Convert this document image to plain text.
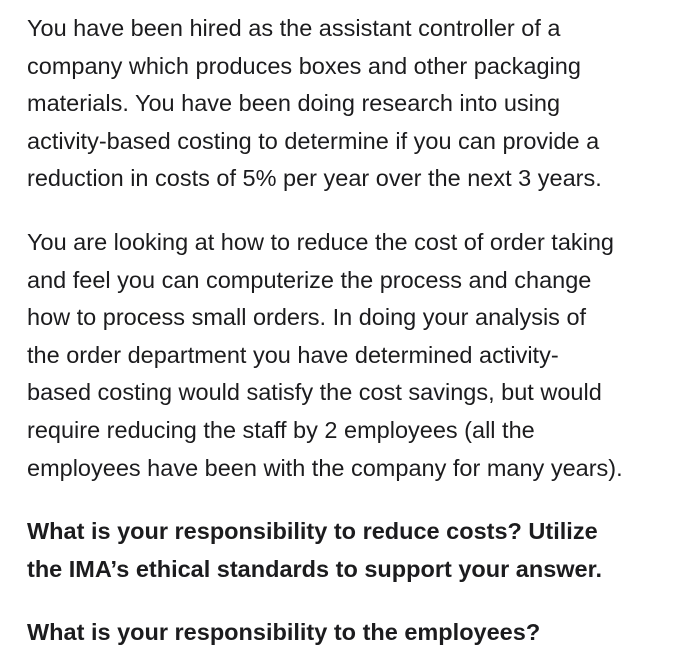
You have been hired as the assistant controller of a
company which produces boxes and other packaging
materials. You have been doing research into using
activity-based costing to determine if you can provide a
reduction in costs of 5% per year over the next 3 years.

You are looking at how to reduce the cost of order taking
and feel you can computerize the process and change
how to process small orders. In doing your analysis of
the order department you have determined activity-
based costing would satisfy the cost savings, but would
require reducing the staff by 2 employees (all the
employees have been with the company for many years).

What is your responsibility to reduce costs? Utilize
the IMA’s ethical standards to support your answer.

What is your responsibility to the employees?
